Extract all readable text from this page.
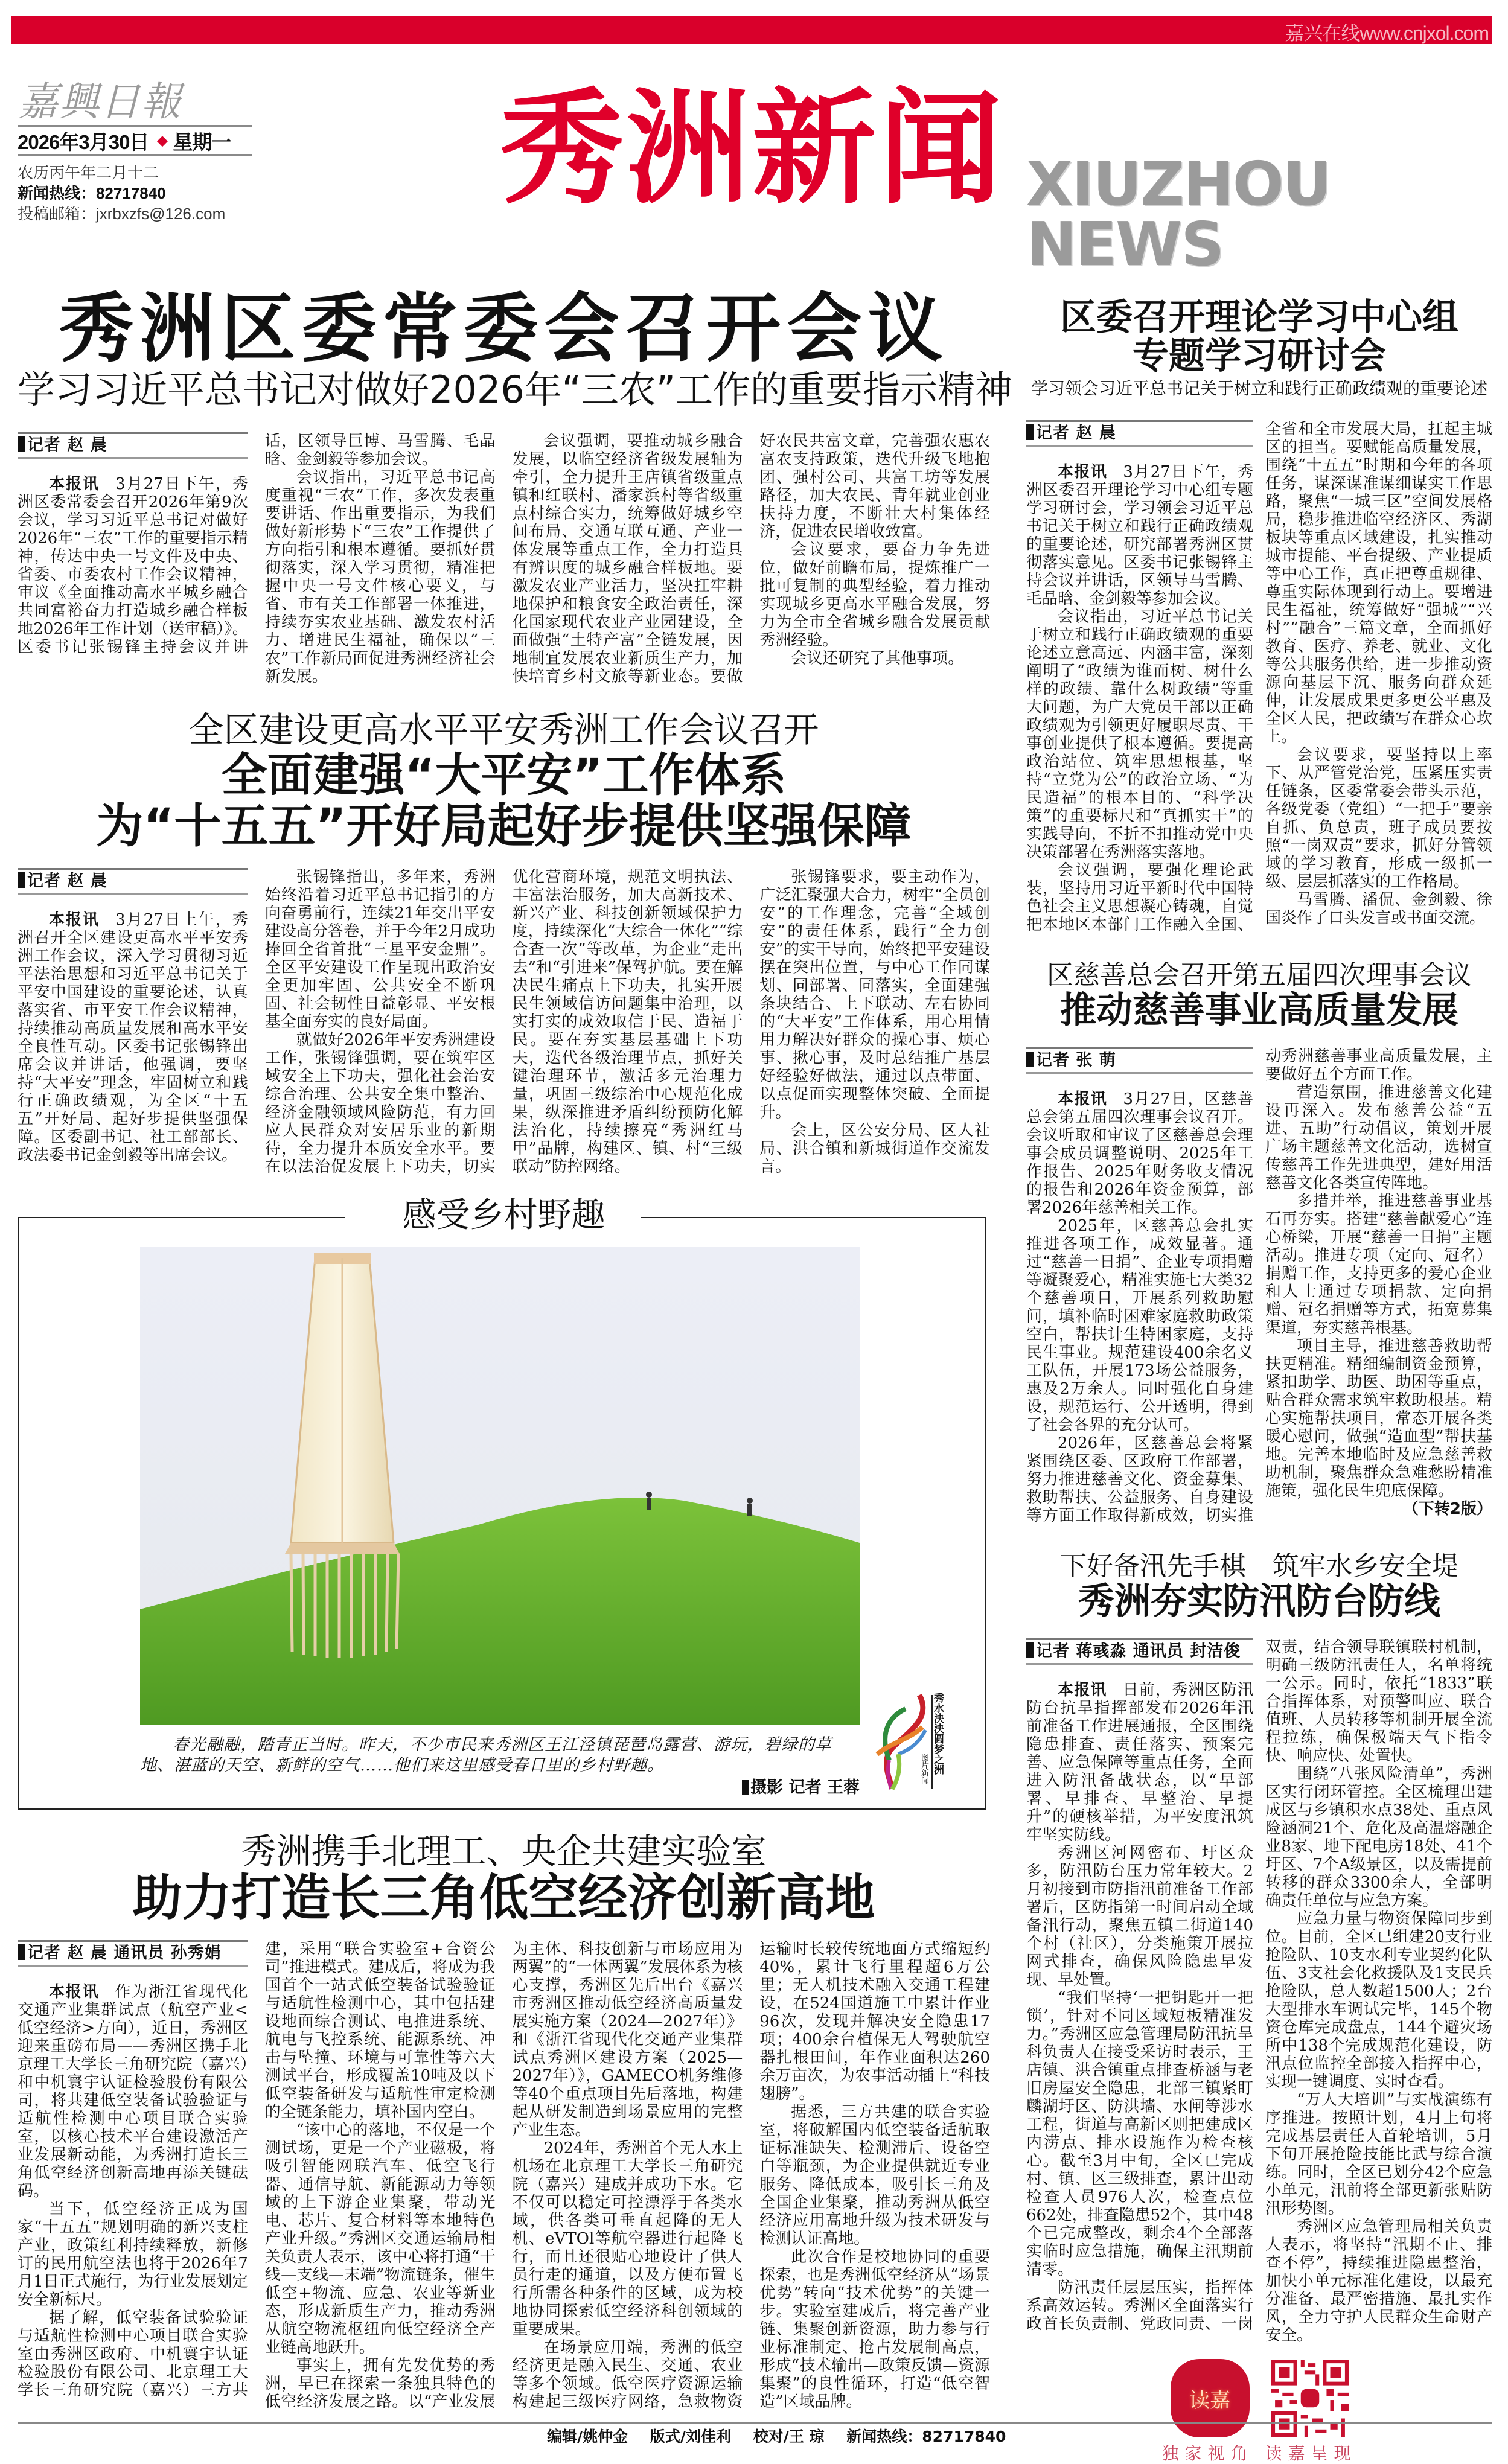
嘉兴在线www.cnjxol.com
嘉興日報
2026年3月30日 ◆ 星期一
农历丙午年二月十二
新闻热线：82717840
投稿邮箱：jxrbxzfs@126.com 秀洲新闻 XIUZHOU NEWS
秀洲区委常委会召开会议
学习习近平总书记对做好2026年“三农”工作的重要指示精神
记者 赵 晨

本报讯 3月27日下午，秀洲区委常委会召开2026年第9次会议，学习习近平总书记对做好2026年“三农”工作的重要指示精神，传达中央一号文件及中央、省委、市委农村工作会议精神，审议《全面推动高水平城乡融合共同富裕奋力打造城乡融合样板地2026年工作计划（送审稿）》。区委书记张锡锋主持会议并讲话，区领导巨博、马雪腾、毛晶晗、金剑毅等参加会议。

会议指出，习近平总书记高度重视“三农”工作，多次发表重要讲话、作出重要指示，为我们做好新形势下“三农”工作提供了方向指引和根本遵循。要抓好贯彻落实，深入学习贯彻，精准把握中央一号文件核心要义，与省、市有关工作部署一体推进，持续夯实农业基础、激发农村活力、增进民生福祉，确保以“三农”工作新局面促进秀洲经济社会新发展。

会议强调，要推动城乡融合发展，以临空经济省级发展轴为牵引，全力提升王店镇省级重点镇和红联村、潘家浜村等省级重点村综合实力，统筹做好城乡空间布局、交通互联互通、产业一体发展等重点工作，全力打造具有辨识度的城乡融合样板地。要激发农业产业活力，坚决扛牢耕地保护和粮食安全政治责任，深化国家现代农业产业园建设，全面做强“土特产富”全链发展，因地制宜发展农业新质生产力，加快培育乡村文旅等新业态。要做好农民共富文章，完善强农惠农富农支持政策，迭代升级飞地抱团、强村公司、共富工坊等发展路径，加大农民、青年就业创业扶持力度，不断壮大村集体经济，促进农民增收致富。

会议要求，要奋力争先进位，做好前瞻布局，提炼推广一批可复制的典型经验，着力推动实现城乡更高水平融合发展，努力为全市全省城乡融合发展贡献秀洲经验。

会议还研究了其他事项。

全区建设更高水平平安秀洲工作会议召开
全面建强“大平安”工作体系
为“十五五”开好局起好步提供坚强保障
记者 赵 晨

本报讯 3月27日上午，秀洲召开全区建设更高水平平安秀洲工作会议，深入学习贯彻习近平法治思想和习近平总书记关于平安中国建设的重要论述，认真落实省、市平安工作会议精神，持续推动高质量发展和高水平安全良性互动。区委书记张锡锋出席会议并讲话，他强调，要坚持“大平安”理念，牢固树立和践行正确政绩观，为全区“十五五”开好局、起好步提供坚强保障。区委副书记、社工部部长、政法委书记金剑毅等出席会议。

张锡锋指出，多年来，秀洲始终沿着习近平总书记指引的方向奋勇前行，连续21年交出平安建设高分答卷，并于今年2月成功捧回全省首批“三星平安金鼎”。全区平安建设工作呈现出政治安全更加牢固、公共安全不断巩固、社会韧性日益彰显、平安根基全面夯实的良好局面。

就做好2026年平安秀洲建设工作，张锡锋强调，要在筑牢区域安全上下功夫，强化社会治安综合治理、公共安全集中整治、经济金融领域风险防范，有力回应人民群众对安居乐业的新期待，全力提升本质安全水平。要在以法治促发展上下功夫，切实优化营商环境，规范文明执法、丰富法治服务，加大高新技术、新兴产业、科技创新领域保护力度，持续深化“大综合一体化”“综合查一次”等改革，为企业“走出去”和“引进来”保驾护航。要在解决民生痛点上下功夫，扎实开展民生领域信访问题集中治理，以实打实的成效取信于民、造福于民。要在夯实基层基础上下功夫，迭代各级治理节点，抓好关键治理环节，激活多元治理力量，巩固三级综治中心规范化成果，纵深推进矛盾纠纷预防化解法治化，持续擦亮“秀洲红马甲”品牌，构建区、镇、村“三级联动”防控网络。

张锡锋要求，要主动作为，广泛汇聚强大合力，树牢“全员创安”的工作理念，完善“全域创安”的责任体系，践行“全力创安”的实干导向，始终把平安建设摆在突出位置，与中心工作同谋划、同部署、同落实，全面建强条块结合、上下联动、左右协同的“大平安”工作体系，用心用情用力解决好群众的操心事、烦心事、揪心事，及时总结推广基层好经验好做法，通过以点带面、以点促面实现整体突破、全面提升。

会上，区公安分局、区人社局、洪合镇和新城街道作交流发言。

感受乡村野趣
春光融融，踏青正当时。昨天，不少市民来秀洲区王江泾镇琵琶岛露营、游玩，碧绿的草地、湛蓝的天空、新鲜的空气……他们来这里感受春日里的乡村野趣。
摄影 记者 王蓉
秀水泱泱 圆梦之洲
图片新闻
秀洲携手北理工、央企共建实验室
助力打造长三角低空经济创新高地
记者 赵 晨 通讯员 孙秀娟

本报讯 作为浙江省现代化交通产业集群试点（航空产业<低空经济>方向），近日，秀洲区迎来重磅布局——秀洲区携手北京理工大学长三角研究院（嘉兴）和中机寰宇认证检验股份有限公司，将共建低空装备试验验证与适航性检测中心项目联合实验室，以核心技术平台建设激活产业发展新动能，为秀洲打造长三角低空经济创新高地再添关键砝码。

当下，低空经济正成为国家“十五五”规划明确的新兴支柱产业，政策红利持续释放，新修订的民用航空法也将于2026年7月1日正式施行，为行业发展划定安全新标尺。

据了解，低空装备试验验证与适航性检测中心项目联合实验室由秀洲区政府、中机寰宇认证检验股份有限公司、北京理工大学长三角研究院（嘉兴）三方共建，采用“联合实验室+合资公司”推进模式。建成后，将成为我国首个一站式低空装备试验验证与适航性检测中心，其中包括建设地面综合测试、电推进系统、航电与飞控系统、能源系统、冲击与坠撞、环境与可靠性等六大测试平台，形成覆盖10吨及以下低空装备研发与适航性审定检测的全链条能力，填补国内空白。

“该中心的落地，不仅是一个测试场，更是一个产业磁极，将吸引智能网联汽车、低空飞行器、通信导航、新能源动力等领域的上下游企业集聚，带动光电、芯片、复合材料等本地特色产业升级。”秀洲区交通运输局相关负责人表示，该中心将打通“干线—支线—末端”物流链条，催生低空+物流、应急、农业等新业态，形成新质生产力，推动秀洲从航空物流枢纽向低空经济全产业链高地跃升。

事实上，拥有先发优势的秀洲，早已在探索一条独具特色的低空经济发展之路。以“产业发展为主体、科技创新与市场应用为两翼”的“一体两翼”发展体系为核心支撑，秀洲区先后出台《嘉兴市秀洲区推动低空经济高质量发展实施方案（2024—2027年）》和《浙江省现代化交通产业集群试点秀洲区建设方案（2025—2027年）》，GAMECO机务维修等40个重点项目先后落地，构建起从研发制造到场景应用的完整产业生态。

2024年，秀洲首个无人水上机场在北京理工大学长三角研究院（嘉兴）建成并成功下水。它不仅可以稳定可控漂浮于各类水域，供各类可垂直起降的无人机、eVTOl等航空器进行起降飞行，而且还很贴心地设计了供人员行走的通道，以及方便布置飞行所需各种条件的区域，成为校地协同探索低空经济科创领域的重要成果。

在场景应用端，秀洲的低空经济更是融入民生、交通、农业等多个领域。低空医疗资源运输构建起三级医疗网络，急救物资运输时长较传统地面方式缩短约40%，累计飞行里程超6万公里；无人机技术融入交通工程建设，在524国道施工中累计作业96次，发现并解决安全隐患17项；400余台植保无人驾驶航空器扎根田间，年作业面积达260余万亩次，为农事活动插上“科技翅膀”。

据悉，三方共建的联合实验室，将破解国内低空装备适航取证标准缺失、检测滞后、设备空白等瓶颈，为企业提供就近专业服务、降低成本，吸引长三角及全国企业集聚，推动秀洲从低空经济应用高地升级为技术研发与检测认证高地。

此次合作是校地协同的重要探索，也是秀洲低空经济从“场景优势”转向“技术优势”的关键一步。实验室建成后，将完善产业链、集聚创新资源，助力参与行业标准制定、抢占发展制高点，形成“技术输出—政策反馈—资源集聚”的良性循环，打造“低空智造”区域品牌。

区委召开理论学习中心组
专题学习研讨会
学习领会习近平总书记关于树立和践行正确政绩观的重要论述
记者 赵 晨

本报讯 3月27日下午，秀洲区委召开理论学习中心组专题学习研讨会，学习领会习近平总书记关于树立和践行正确政绩观的重要论述，研究部署秀洲区贯彻落实意见。区委书记张锡锋主持会议并讲话，区领导马雪腾、毛晶晗、金剑毅等参加会议。

会议指出，习近平总书记关于树立和践行正确政绩观的重要论述立意高远、内涵丰富，深刻阐明了“政绩为谁而树、树什么样的政绩、靠什么树政绩”等重大问题，为广大党员干部以正确政绩观为引领更好履职尽责、干事创业提供了根本遵循。要提高政治站位、筑牢思想根基，坚持“立党为公”的政治立场、“为民造福”的根本目的、“科学决策”的重要标尺和“真抓实干”的实践导向，不折不扣推动党中央决策部署在秀洲落实落地。

会议强调，要强化理论武装，坚持用习近平新时代中国特色社会主义思想凝心铸魂，自觉把本地区本部门工作融入全国、全省和全市发展大局，扛起主城区的担当。要赋能高质量发展，围绕“十五五”时期和今年的各项任务，谋深谋准谋细谋实工作思路，聚焦“一城三区”空间发展格局，稳步推进临空经济区、秀湖板块等重点区域建设，扎实推动城市提能、平台提级、产业提质等中心工作，真正把尊重规律、尊重实际体现到行动上。要增进民生福祉，统筹做好“强城”“兴村”“融合”三篇文章，全面抓好教育、医疗、养老、就业、文化等公共服务供给，进一步推动资源向基层下沉、服务向群众延伸，让发展成果更多更公平惠及全区人民，把政绩写在群众心坎上。

会议要求，要坚持以上率下、从严管党治党，压紧压实责任链条，区委常委会带头示范，各级党委（党组）“一把手”要亲自抓、负总责，班子成员要按照“一岗双责”要求，抓好分管领域的学习教育，形成一级抓一级、层层抓落实的工作格局。

马雪腾、潘侃、金剑毅、徐国炎作了口头发言或书面交流。

区慈善总会召开第五届四次理事会议
推动慈善事业高质量发展
记者 张 萌

本报讯 3月27日，区慈善总会第五届四次理事会议召开。会议听取和审议了区慈善总会理事会成员调整说明、2025年工作报告、2025年财务收支情况的报告和2026年资金预算，部署2026年慈善相关工作。

2025年，区慈善总会扎实推进各项工作，成效显著。通过“慈善一日捐”、企业专项捐赠等凝聚爱心，精准实施七大类32个慈善项目，开展系列救助慰问，填补临时困难家庭救助政策空白，帮扶计生特困家庭，支持民生事业。规范建设400余名义工队伍，开展173场公益服务，惠及2万余人。同时强化自身建设，规范运行、公开透明，得到了社会各界的充分认可。

2026年，区慈善总会将紧紧围绕区委、区政府工作部署，努力推进慈善文化、资金募集、救助帮扶、公益服务、自身建设等方面工作取得新成效，切实推动秀洲慈善事业高质量发展，主要做好五个方面工作。

营造氛围，推进慈善文化建设再深入。发布慈善公益“五进、五助”行动倡议，策划开展广场主题慈善文化活动，选树宣传慈善工作先进典型，建好用活慈善文化各类宣传阵地。

多措并举，推进慈善事业基石再夯实。搭建“慈善献爱心”连心桥梁，开展“慈善一日捐”主题活动。推进专项（定向、冠名）捐赠工作，支持更多的爱心企业和人士通过专项捐款、定向捐赠、冠名捐赠等方式，拓宽募集渠道，夯实慈善根基。

项目主导，推进慈善救助帮扶更精准。精细编制资金预算，紧扣助学、助医、助困等重点，贴合群众需求筑牢救助根基。精心实施帮扶项目，常态开展各类暖心慰问，做强“造血型”帮扶基地。完善本地临时及应急慈善救助机制，聚焦群众急难愁盼精准施策，强化民生兜底保障。

（下转2版）
下好备汛先手棋　筑牢水乡安全堤
秀洲夯实防汛防台防线
记者 蒋彧淼 通讯员 封洁俊

本报讯 日前，秀洲区防汛防台抗旱指挥部发布2026年汛前准备工作进展通报，全区围绕隐患排查、责任落实、预案完善、应急保障等重点任务，全面进入防汛备战状态，以“早部署、早排查、早整治、早提升”的硬核举措，为平安度汛筑牢坚实防线。

秀洲区河网密布、圩区众多，防汛防台压力常年较大。2月初接到市防指汛前准备工作部署后，区防指第一时间启动全域备汛行动，聚焦五镇二街道140个村（社区），分类施策开展拉网式排查，确保风险隐患早发现、早处置。

“我们坚持‘一把钥匙开一把锁’，针对不同区域短板精准发力。”秀洲区应急管理局防汛抗旱科负责人在接受采访时表示，王店镇、洪合镇重点排查桥涵与老旧房屋安全隐患，北部三镇紧盯麟湖圩区、防洪墙、水闸等涉水工程，街道与高新区则把建成区内涝点、排水设施作为检查核心。截至3月中旬，全区已完成村、镇、区三级排查，累计出动检查人员976人次，检查点位662处，排查隐患52个，其中48个已完成整改，剩余4个全部落实临时应急措施，确保主汛期前清零。

防汛责任层层压实，指挥体系高效运转。秀洲区全面落实行政首长负责制、党政同责、一岗双责，结合领导联镇联村机制，明确三级防汛责任人，名单将统一公示。同时，依托“1833”联合指挥体系，对预警叫应、联合值班、人员转移等机制开展全流程拉练，确保极端天气下指令快、响应快、处置快。

围绕“八张风险清单”，秀洲区实行闭环管控。全区梳理出建成区与乡镇积水点38处、重点风险涵洞21个、危化及高温熔融企业8家、地下配电房18处、41个圩区、7个A级景区，以及需提前转移的群众3300余人，全部明确责任单位与应急方案。

应急力量与物资保障同步到位。目前，全区已组建20支行业抢险队、10支水利专业契约化队伍、3支社会化救援队及1支民兵抢险队，总人数超1500人；2台大型排水车调试完毕，145个物资仓库完成盘点，144个避灾场所中138个完成规范化建设，防汛点位监控全部接入指挥中心，实现一键调度、实时查看。

“万人大培训”与实战演练有序推进。按照计划，4月上旬将完成基层责任人首轮培训，5月下旬开展抢险技能比武与综合演练。同时，全区已划分42个应急小单元，汛前将全部更新张贴防汛形势图。

秀洲区应急管理局相关负责人表示，将坚持“汛期不止、排查不停”，持续推进隐患整治，加快小单元标准化建设，以最充分准备、最严密措施、最扎实作风，全力守护人民群众生命财产安全。

读嘉
独家视角 读嘉呈现
编辑/姚仲金 版式/刘佳利 校对/王 琼 新闻热线：82717840
